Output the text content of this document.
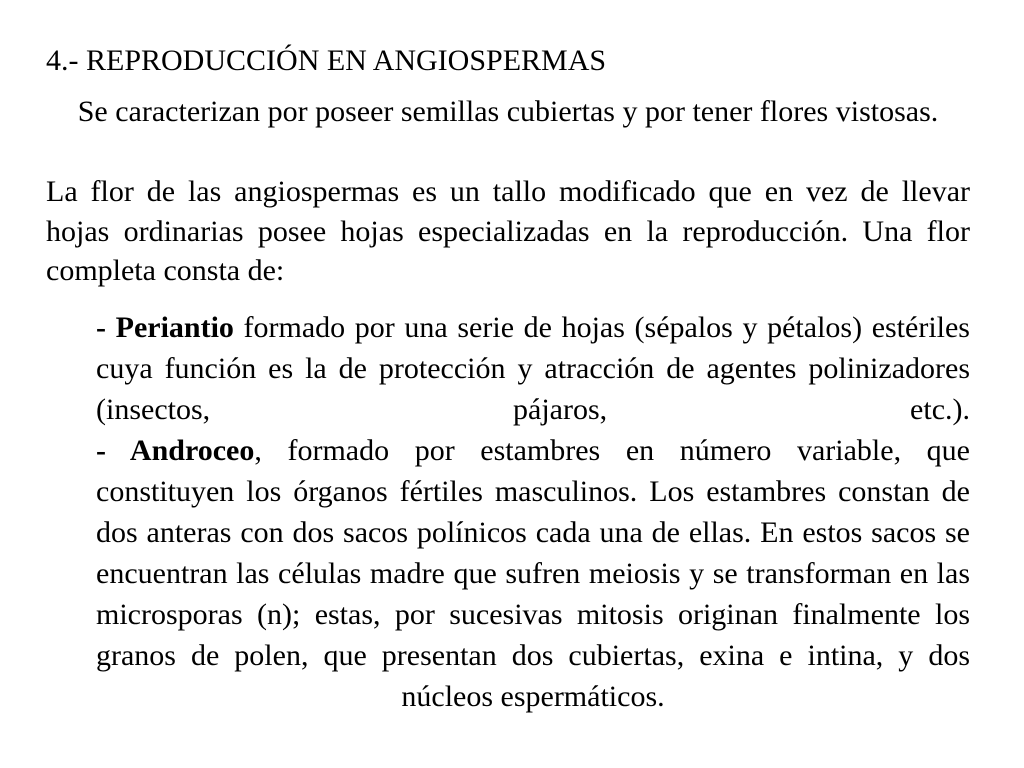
4.- REPRODUCCIÓN EN ANGIOSPERMAS

Se caracterizan por poseer semillas cubiertas y por tener flores vistosas.

La flor de las angiospermas es un tallo modificado que en vez de llevar hojas ordinarias posee hojas especializadas en la reproducción. Una flor completa consta de:

- Periantio formado por una serie de hojas (sépalos y pétalos) estériles cuya función es la de protección y atracción de agentes polinizadores (insectos, pájaros, etc.).

- Androceo, formado por estambres en número variable, que constituyen los órganos fértiles masculinos. Los estambres constan de dos anteras con dos sacos polínicos cada una de ellas. En estos sacos se encuentran las células madre que sufren meiosis y se transforman en las microsporas (n); estas, por sucesivas mitosis originan finalmente los granos de polen, que presentan dos cubiertas, exina e intina, y dos núcleos espermáticos.
